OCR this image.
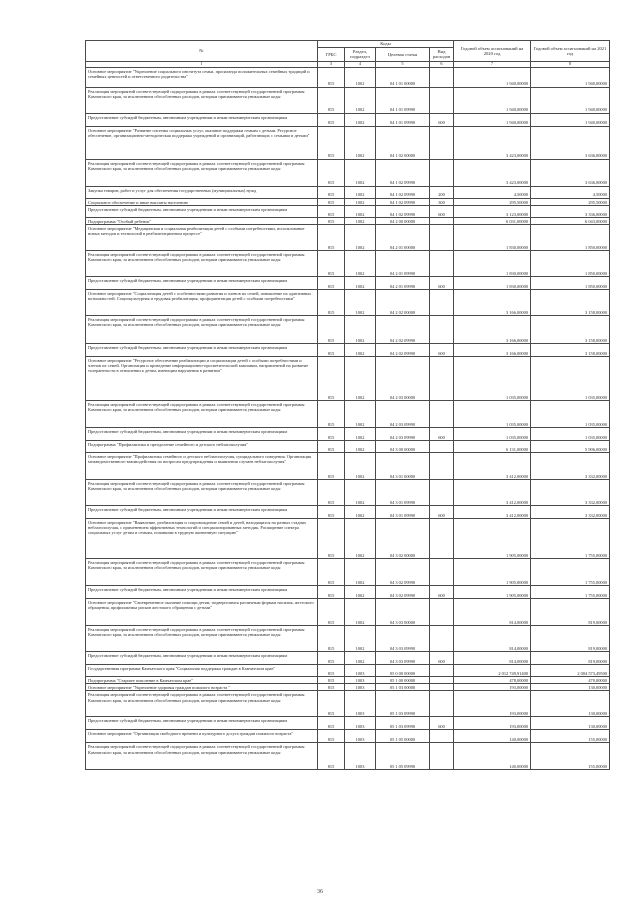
№	Коды				Годовой объем ассигнований на 2020 год	Годовой объем ассигнований на 2021 год
	ГРБС	Раздел, подраздел	Целевая статья	Вид расходов		
1	3	4	5	6	7	8
Основное мероприятие "Укрепление социального института семьи, пропаганда положительных семейных традиций и семейных ценностей и ответственного родительства"	815	1002	04 1 01 00000		1 940,00000	1 940,00000
Реализация мероприятий соответствующей подпрограммы в рамках соответствующей государственной программы Камчатского края, за исключением обособленных расходов, которым присваиваются уникальные коды	815	1002	04 1 01 09990		1 940,00000	1 940,00000
Предоставление субсидий бюджетным, автономным учреждениям и иным некоммерческим организациям	815	1002	04 1 01 09990	600	1 940,00000	1 940,00000
Основное мероприятие "Развитие системы социальных услуг, оказание поддержки семьям с детьми. Ресурсное обеспечение, организационно-методическая поддержка учреждений и организаций, работающих с семьями и детьми"	815	1002	04 1 02 00000		3 423,00000	3 636,00000
Реализация мероприятий соответствующей подпрограммы в рамках соответствующей государственной программы Камчатского края, за исключением обособленных расходов, которым присваиваются уникальные коды	815	1002	04 1 02 09990		3 423,00000	3 636,00000
Закупка товаров, работ и услуг для обеспечения государственных (муниципальных) нужд	815	1002	04 1 02 09990	200	4,50000	4,50000
Социальное обеспечение и иные выплаты населению	815	1002	04 1 02 09990	300	295,50000	295,50000
Предоставление субсидий бюджетным, автономным учреждениям и иным некоммерческим организациям	815	1002	04 1 02 09990	600	3 123,00000	3 336,00000
Подпрограмма "Особый ребенок"	815	1002	04 2 00 00000		6 031,00000	6 043,00000
Основное мероприятие "Медицинская и социальная реабилитация детей с особыми потребностями, использование новых методов и технологий в реабилитационном процессе"	815	1002	04 2 01 00000		1 830,00000	1 850,00000
Реализация мероприятий соответствующей подпрограммы в рамках соответствующей государственной программы Камчатского края, за исключением обособленных расходов, которым присваиваются уникальные коды	815	1002	04 2 01 09990		1 830,00000	1 850,00000
Предоставление субсидий бюджетным, автономным учреждениям и иным некоммерческим организациям	815	1002	04 2 01 09990	600	1 830,00000	1 850,00000
Основное мероприятие "Социализация детей с особенностями развития и членов их семей, повышение их адаптивных возможностей. Социокультурная и трудовая реабилитация, профориентация детей с особыми потребностями"	815	1002	04 2 02 00000		3 166,00000	3 158,00000
Реализация мероприятий соответствующей подпрограммы в рамках соответствующей государственной программы Камчатского края, за исключением обособленных расходов, которым присваиваются уникальные коды	815	1002	04 2 02 09990		3 166,00000	3 158,00000
Предоставление субсидий бюджетным, автономным учреждениям и иным некоммерческим организациям	815	1002	04 2 02 09990	600	3 166,00000	3 158,00000
Основное мероприятие "Ресурсное обеспечение реабилитации и социализации детей с особыми потребностями и членов их семей. Организация и проведение информационно-просветительской кампании, направленной на развитие толерантности в отношении к детям, имеющим нарушения в развитии"	815	1002	04 2 03 00000		1 035,00000	1 035,00000
Реализация мероприятий соответствующей подпрограммы в рамках соответствующей государственной программы Камчатского края, за исключением обособленных расходов, которым присваиваются уникальные коды	815	1002	04 2 03 09990		1 035,00000	1 035,00000
Предоставление субсидий бюджетным, автономным учреждениям и иным некоммерческим организациям	815	1002	04 2 03 09990	600	1 035,00000	1 035,00000
Подпрограмма "Профилактика и преодоление семейного и детского неблагополучия"	815	1002	04 3 00 00000		6 131,00000	5 906,00000
Основное мероприятие "Профилактика семейного и детского неблагополучия, суицидального поведения. Организация межведомственного взаимодействия по вопросам предупреждения и выявления случаев неблагополучия"	815	1002	04 3 01 00000		3 412,00000	3 332,00000
Реализация мероприятий соответствующей подпрограммы в рамках соответствующей государственной программы Камчатского края, за исключением обособленных расходов, которым присваиваются уникальные коды	815	1002	04 3 01 09990		3 412,00000	3 332,00000
Предоставление субсидий бюджетным, автономным учреждениям и иным некоммерческим организациям	815	1002	04 3 01 09990	600	3 412,00000	3 332,00000
Основное мероприятие "Выявление, реабилитация и сопровождение семей и детей, находящихся на разных стадиях неблагополучия, с применением эффективных технологий и специализированных методик. Расширение спектра социальных услуг детям и семьям, попавшим в трудную жизненную ситуацию"	815	1002	04 3 02 00000		1 905,00000	1 755,00000
Реализация мероприятий соответствующей подпрограммы в рамках соответствующей государственной программы Камчатского края, за исключением обособленных расходов, которым присваиваются уникальные коды	815	1002	04 3 02 09990		1 905,00000	1 755,00000
Предоставление субсидий бюджетным, автономным учреждениям и иным некоммерческим организациям	815	1002	04 3 02 09990	600	1 905,00000	1 755,00000
Основное мероприятие "Своевременное оказание помощи детям, подвергшимся различным формам насилия, жестокого обращения, профилактика рисков жестокого обращения с детьми"	815	1002	04 3 03 00000		814,00000	819,00000
Реализация мероприятий соответствующей подпрограммы в рамках соответствующей государственной программы Камчатского края, за исключением обособленных расходов, которым присваиваются уникальные коды	815	1002	04 3 03 09990		814,00000	819,00000
Предоставление субсидий бюджетным, автономным учреждениям и иным некоммерческим организациям	815	1002	04 3 03 09990	600	814,00000	819,00000
Государственная программа Камчатского края "Социальная поддержка граждан в Камчатском крае"	815	1003	05 0 00 00000		2 012 749,91400	2 004 573,49500
Подпрограмма "Старшее поколение в Камчатском крае"	815	1003	05 1 00 00000		478,00000	470,00000
Основное мероприятие "Укрепление здоровья граждан пожилого возраста "	815	1003	05 1 03 00000		193,00000	130,00000
Реализация мероприятий соответствующей подпрограммы в рамках соответствующей государственной программы Камчатского края, за исключением обособленных расходов, которым присваиваются уникальные коды	815	1003	05 1 03 09990		193,00000	130,00000
Предоставление субсидий бюджетным, автономным учреждениям и иным некоммерческим организациям	815	1003	05 1 03 09990	600	193,00000	130,00000
Основное мероприятие "Организация свободного времени и культурного досуга граждан пожилого возраста"	815	1003	05 1 05 00000		140,00000	155,00000
Реализация мероприятий соответствующей подпрограммы в рамках соответствующей государственной программы Камчатского края, за исключением обособленных расходов, которым присваиваются уникальные коды	815	1003	05 1 05 09990		140,00000	155,00000
36
